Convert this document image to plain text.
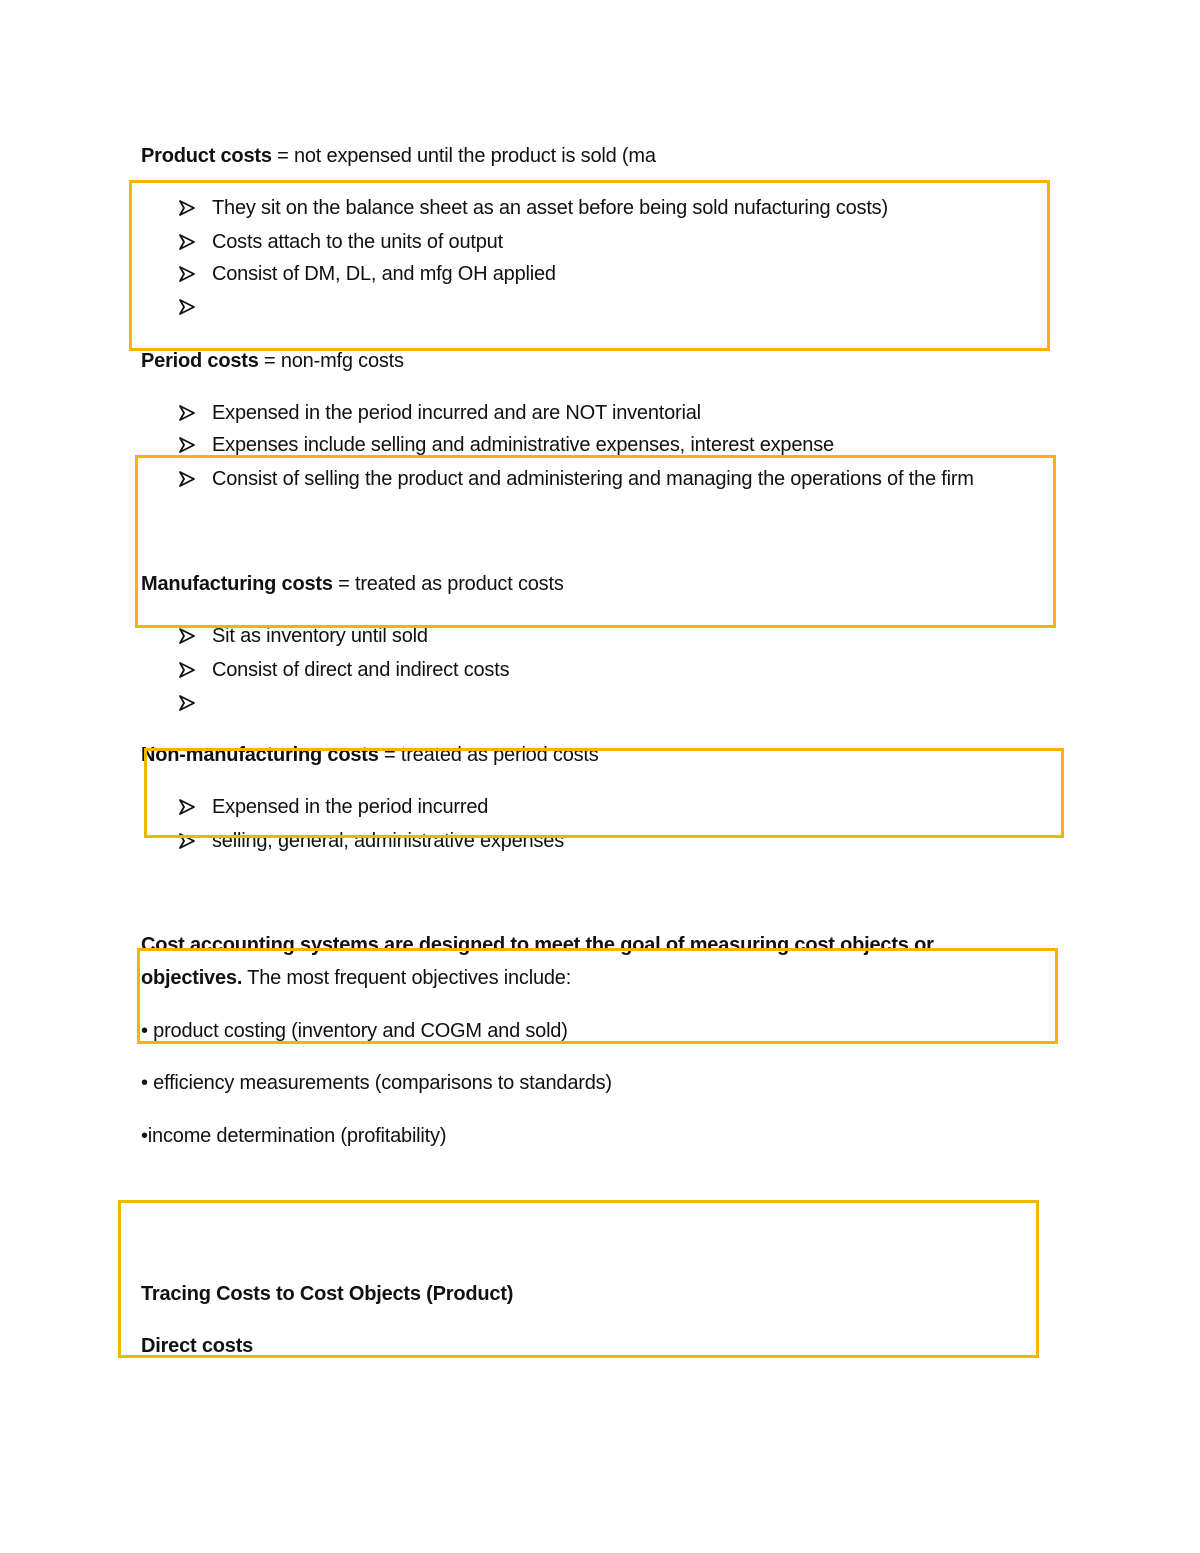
Product costs = not expensed until the product is sold (ma
They sit on the balance sheet as an asset before being sold nufacturing costs)
Costs attach to the units of output
Consist of DM, DL, and mfg OH applied
Period costs = non-mfg costs
Expensed in the period incurred and are NOT inventorial
Expenses include selling and administrative expenses, interest expense
Consist of selling the product and administering and managing the operations of the firm
Manufacturing costs = treated as product costs
Sit as inventory until sold
Consist of direct and indirect costs
Non-manufacturing costs = treated as period costs
Expensed in the period incurred
selling, general, administrative expenses
Cost accounting systems are designed to meet the goal of measuring cost objects or
objectives. The most frequent objectives include:
• product costing (inventory and COGM and sold)
• efficiency measurements (comparisons to standards)
•income determination (profitability)
Tracing Costs to Cost Objects (Product)
Direct costs
